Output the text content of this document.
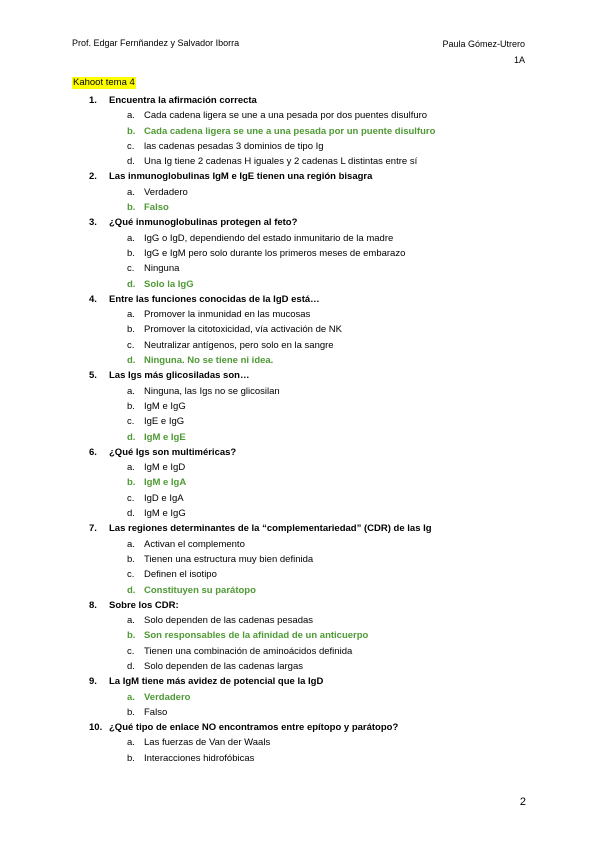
Prof. Edgar Fernñandez y Salvador Iborra	Paula Gómez-Utrero
1A
Kahoot tema 4
1. Encuentra la afirmación correcta
a. Cada cadena ligera se une a una pesada por dos puentes disulfuro
b. Cada cadena ligera se une a una pesada por un puente disulfuro
c. las cadenas pesadas 3 dominios de tipo Ig
d. Una Ig tiene 2 cadenas H iguales y 2 cadenas L distintas entre sí
2. Las inmunoglobulinas IgM e IgE tienen una región bisagra
a. Verdadero
b. Falso
3. ¿Qué inmunoglobulinas protegen al feto?
a. IgG o IgD, dependiendo del estado inmunitario de la madre
b. IgG e IgM pero solo durante los primeros meses de embarazo
c. Ninguna
d. Solo la IgG
4. Entre las funciones conocidas de la IgD está…
a. Promover la inmunidad en las mucosas
b. Promover la citotoxicidad, vía activación de NK
c. Neutralizar antígenos, pero solo en la sangre
d. Ninguna. No se tiene ni idea.
5. Las Igs más glicosiladas son…
a. Ninguna, las Igs no se glicosilan
b. IgM e IgG
c. IgE e IgG
d. IgM e IgE
6. ¿Qué Igs son multiméricas?
a. IgM e IgD
b. IgM e IgA
c. IgD e IgA
d. IgM e IgG
7. Las regiones determinantes de la “complementariedad” (CDR) de las Ig
a. Activan el complemento
b. Tienen una estructura muy bien definida
c. Definen el isotipo
d. Constituyen su parátopo
8. Sobre los CDR:
a. Solo dependen de las cadenas pesadas
b. Son responsables de la afinidad de un anticuerpo
c. Tienen una combinación de aminoácidos definida
d. Solo dependen de las cadenas largas
9. La IgM tiene más avidez de potencial que la IgD
a. Verdadero
b. Falso
10. ¿Qué tipo de enlace NO encontramos entre epítopo y parátopo?
a. Las fuerzas de Van der Waals
b. Interacciones hidrofóbicas
2
